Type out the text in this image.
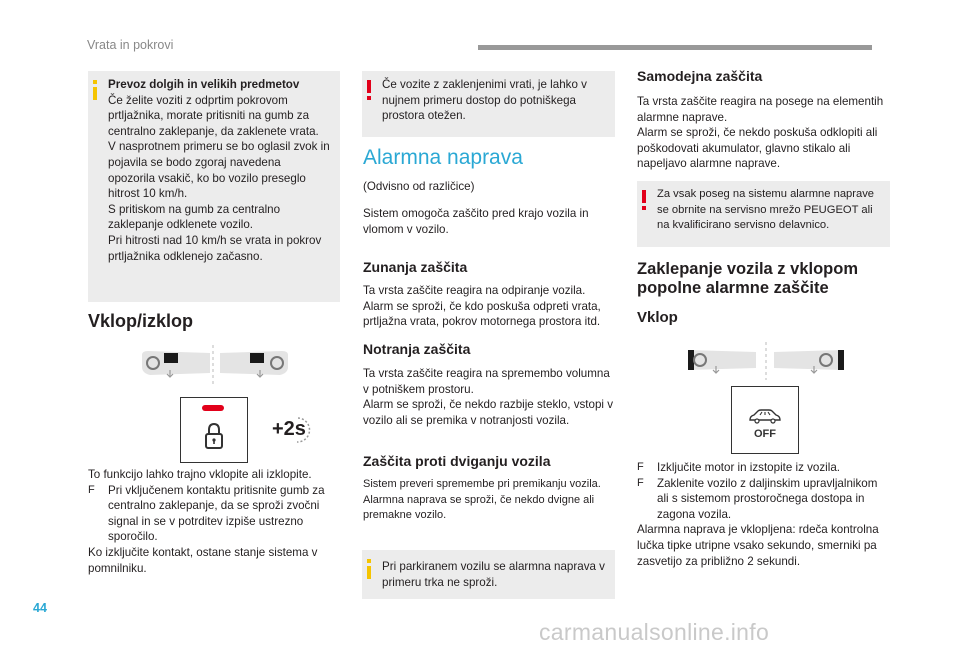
Vrata in pokrovi
Prevoz dolgih in velikih predmetov
Če želite voziti z odprtim pokrovom prtljažnika, morate pritisniti na gumb za centralno zaklepanje, da zaklenete vrata.
V nasprotnem primeru se bo oglasil zvok in pojavila se bodo zgoraj navedena opozorila vsakič, ko bo vozilo preseglo hitrost 10 km/h.
S pritiskom na gumb za centralno zaklepanje odklenete vozilo.
Pri hitrosti nad 10 km/h se vrata in pokrov prtljažnika odklenejo začasno.
Vklop/izklop
+2s

To funkcijo lahko trajno vklopite ali izklopite.

F	Pri vključenem kontaktu pritisnite gumb za centralno zaklepanje, da se sproži zvočni signal in se v potrditev izpiše ustrezno sporočilo.

Ko izključite kontakt, ostane stanje sistema v pomnilniku.

Če vozite z zaklenjenimi vrati, je lahko v nujnem primeru dostop do potniškega prostora otežen.
Alarmna naprava

(Odvisno od različice)

Sistem omogoča zaščito pred krajo vozila in vlomom v vozilo.

Zunanja zaščita

Ta vrsta zaščite reagira na odpiranje vozila.
Alarm se sproži, če kdo poskuša odpreti vrata, prtljažna vrata, pokrov motornega prostora itd.

Notranja zaščita

Ta vrsta zaščite reagira na spremembo volumna v potniškem prostoru.
Alarm se sproži, če nekdo razbije steklo, vstopi v vozilo ali se premika v notranjosti vozila.

Zaščita proti dviganju vozila

Sistem preveri spremembe pri premikanju vozila. Alarmna naprava se sproži, če nekdo dvigne ali premakne vozilo.

Pri parkiranem vozilu se alarmna naprava v primeru trka ne sproži.
Samodejna zaščita

Ta vrsta zaščite reagira na posege na elementih alarmne naprave.
Alarm se sproži, če nekdo poskuša odklopiti ali poškodovati akumulator, glavno stikalo ali napeljavo alarmne naprave.

Za vsak poseg na sistemu alarmne naprave se obrnite na servisno mrežo PEUGEOT ali na kvalificirano servisno delavnico.
Zaklepanje vozila z vklopom popolne alarmne zaščite
Vklop
OFF
F	Izključite motor in izstopite iz vozila.
F	Zaklenite vozilo z daljinskim upravljalnikom ali s sistemom prostoročnega dostopa in zagona vozila.

Alarmna naprava je vklopljena: rdeča kontrolna lučka tipke utripne vsako sekundo, smerniki pa zasvetijo za približno 2 sekundi.

44
carmanualsonline.info
